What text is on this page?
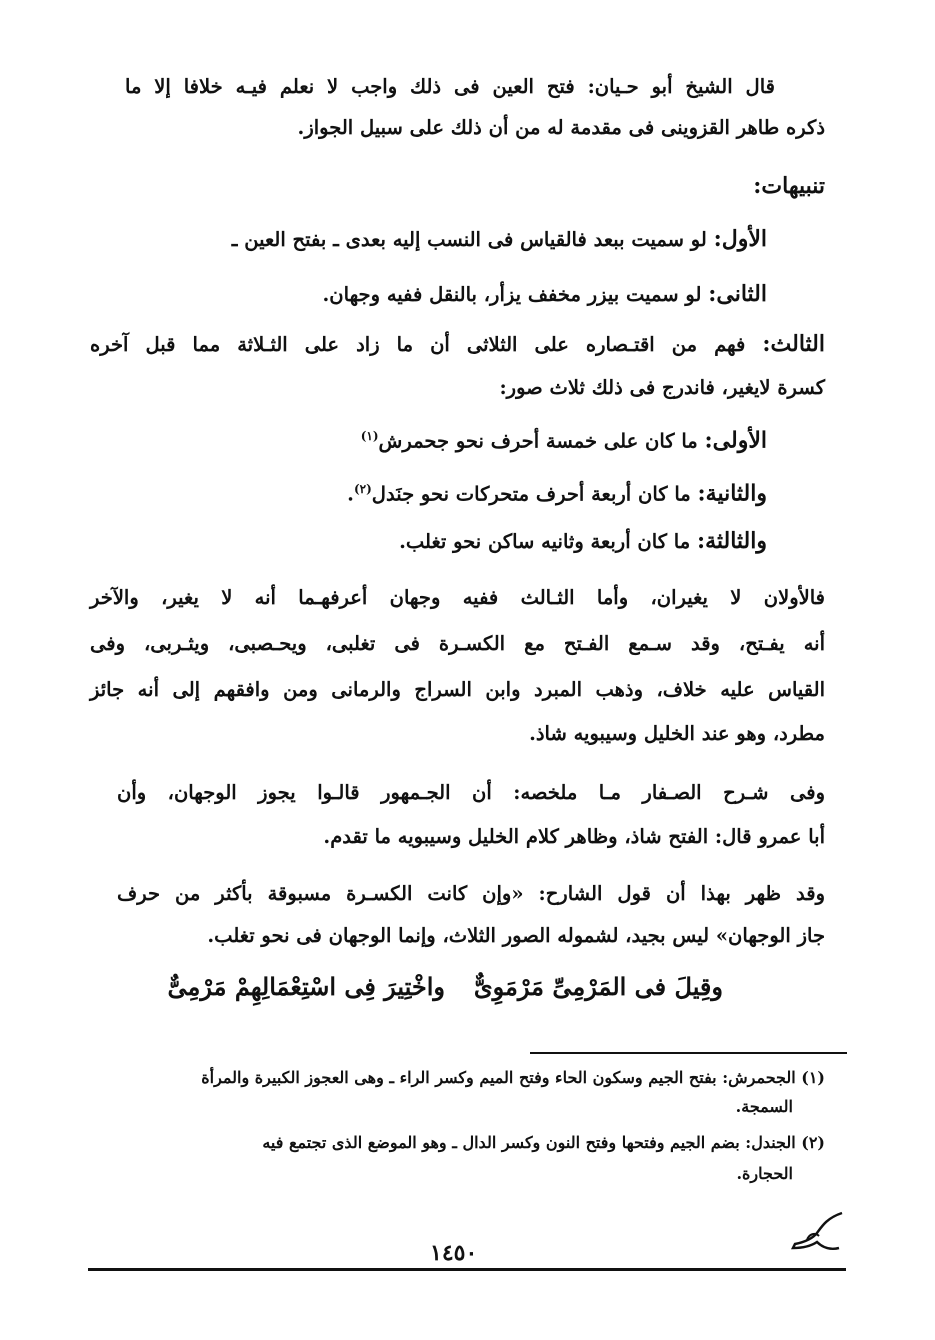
قال الشيخ أبو حـيان: فتح العين فى ذلك واجب لا نعلم فيـه خلافا إلا ما
ذكره طاهر القزوينى فى مقدمة له من أن ذلك على سبيل الجواز.
تنبيهات:
الأول: لو سميت ببعد فالقياس فى النسب إليه بعدى ـ بفتح العين ـ
الثانى: لو سميت بيزر مخفف يزأر، بالنقل ففيه وجهان.
الثالث: فهم من اقتـصاره على الثلاثى أن ما زاد على الثـلاثة مما قبل آخره
كسرة لايغير، فاندرج فى ذلك ثلاث صور:
الأولى: ما كان على خمسة أحرف نحو جحمرش$^{(١)}$
والثانية: ما كان أربعة أحرف متحركات نحو جنَدل$^{(٢)}$.
والثالثة: ما كان أربعة وثانيه ساكن نحو تغلب.
فالأولان لا يغيران، وأما الثـالث ففيه وجهان أعرفهـما أنه لا يغير، والآخر
أنه يفـتح، وقد سـمع الفـتح مع الكسـرة فى تغلبى، ويحـصبى، ويثـربى، وفى
القياس عليه خلاف، وذهب المبرد وابن السراج والرمانى ومن وافقهم إلى أنه جائز
مطرد، وهو عند الخليل وسيبويه شاذ.
وفى شـرح الصـفار مـا ملخصه: أن الجـمهور قالـوا يجوز الوجهان، وأن
أبا عمرو قال: الفتح شاذ، وظاهر كلام الخليل وسيبويه ما تقدم.
وقد ظهر بهذا أن قول الشارح: «وإن كانت الكسـرة مسبوقة بأكثر من حرف
جاز الوجهان» ليس بجيد، لشموله الصور الثلاث، وإنما الوجهان فى نحو تغلب.
وقِيلَ فى المَرْمِىِّ مَرْمَوِىٌّ
واخْتِيرَ فِى اسْتِعْمَالِهِمْ مَرْمِىٌّ
(١) الجحمرش: بفتح الجيم وسكون الحاء وفتح الميم وكسر الراء ـ وهى العجوز الكبيرة والمرأة
السمجة.
(٢) الجندل: بضم الجيم وفتحها وفتح النون وكسر الدال ـ وهو الموضع الذى تجتمع فيه
الحجارة.
١٤٥٠
